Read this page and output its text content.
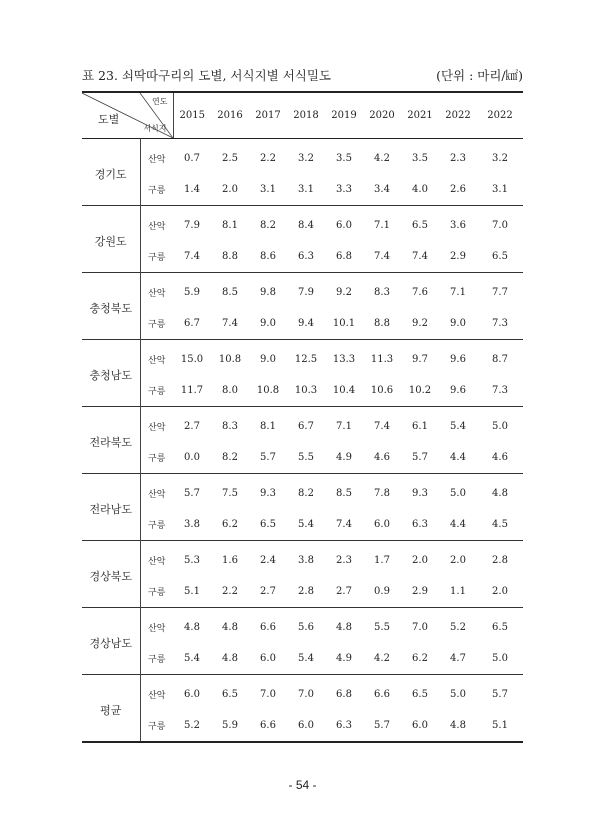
표 23. 쇠딱따구리의 도별, 서식지별 서식밀도	(단위 : 마리/㎢)
연도
도별
서식지		2015	2016	2017	2018	2019	2020	2021	2022	2022
경기도	산악	0.7	2.5	2.2	3.2	3.5	4.2	3.5	2.3	3.2
	구릉	1.4	2.0	3.1	3.1	3.3	3.4	4.0	2.6	3.1
강원도	산악	7.9	8.1	8.2	8.4	6.0	7.1	6.5	3.6	7.0
	구릉	7.4	8.8	8.6	6.3	6.8	7.4	7.4	2.9	6.5
충청북도	산악	5.9	8.5	9.8	7.9	9.2	8.3	7.6	7.1	7.7
	구릉	6.7	7.4	9.0	9.4	10.1	8.8	9.2	9.0	7.3
충청남도	산악	15.0	10.8	9.0	12.5	13.3	11.3	9.7	9.6	8.7
	구릉	11.7	8.0	10.8	10.3	10.4	10.6	10.2	9.6	7.3
전라북도	산악	2.7	8.3	8.1	6.7	7.1	7.4	6.1	5.4	5.0
	구릉	0.0	8.2	5.7	5.5	4.9	4.6	5.7	4.4	4.6
전라남도	산악	5.7	7.5	9.3	8.2	8.5	7.8	9.3	5.0	4.8
	구릉	3.8	6.2	6.5	5.4	7.4	6.0	6.3	4.4	4.5
경상북도	산악	5.3	1.6	2.4	3.8	2.3	1.7	2.0	2.0	2.8
	구릉	5.1	2.2	2.7	2.8	2.7	0.9	2.9	1.1	2.0
경상남도	산악	4.8	4.8	6.6	5.6	4.8	5.5	7.0	5.2	6.5
	구릉	5.4	4.8	6.0	5.4	4.9	4.2	6.2	4.7	5.0
평균	산악	6.0	6.5	7.0	7.0	6.8	6.6	6.5	5.0	5.7
	구릉	5.2	5.9	6.6	6.0	6.3	5.7	6.0	4.8	5.1
- 54 -
